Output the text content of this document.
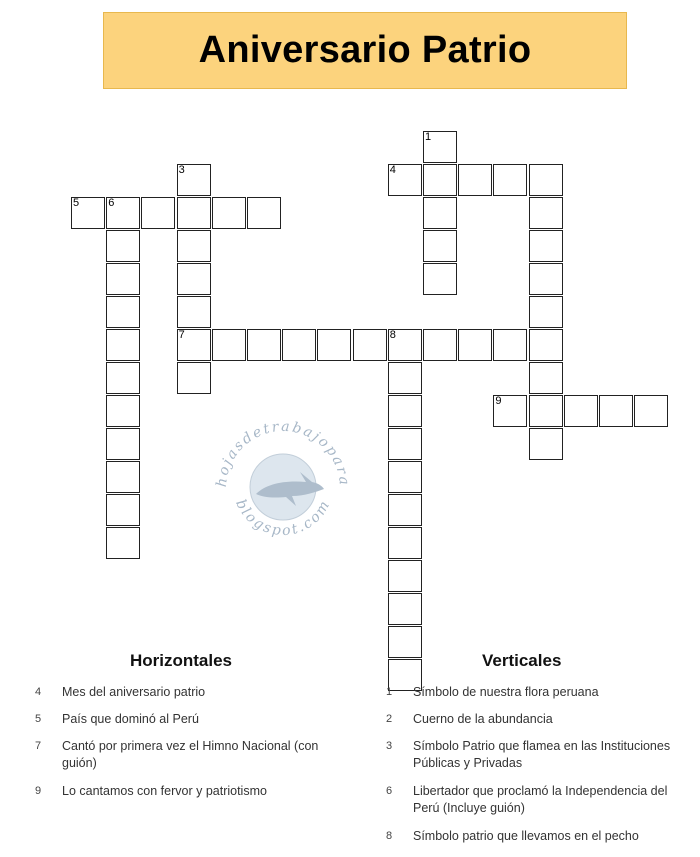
Aniversario Patrio
1
3	4
5	6
7	8
9
hojasdetrabajopara
blogspot.com
Horizontales	Verticales
4	Mes del aniversario patrio
5	País que dominó al Perú
7	Cantó por primera vez el Himno Nacional (con guión)
9	Lo cantamos con fervor y patriotismo
1	Símbolo de nuestra flora peruana
2	Cuerno de la abundancia
3	Símbolo Patrio que flamea en las Instituciones Públicas y Privadas
6	Libertador que proclamó la Independencia del Perú (Incluye guión)
8	Símbolo patrio que llevamos en el pecho
